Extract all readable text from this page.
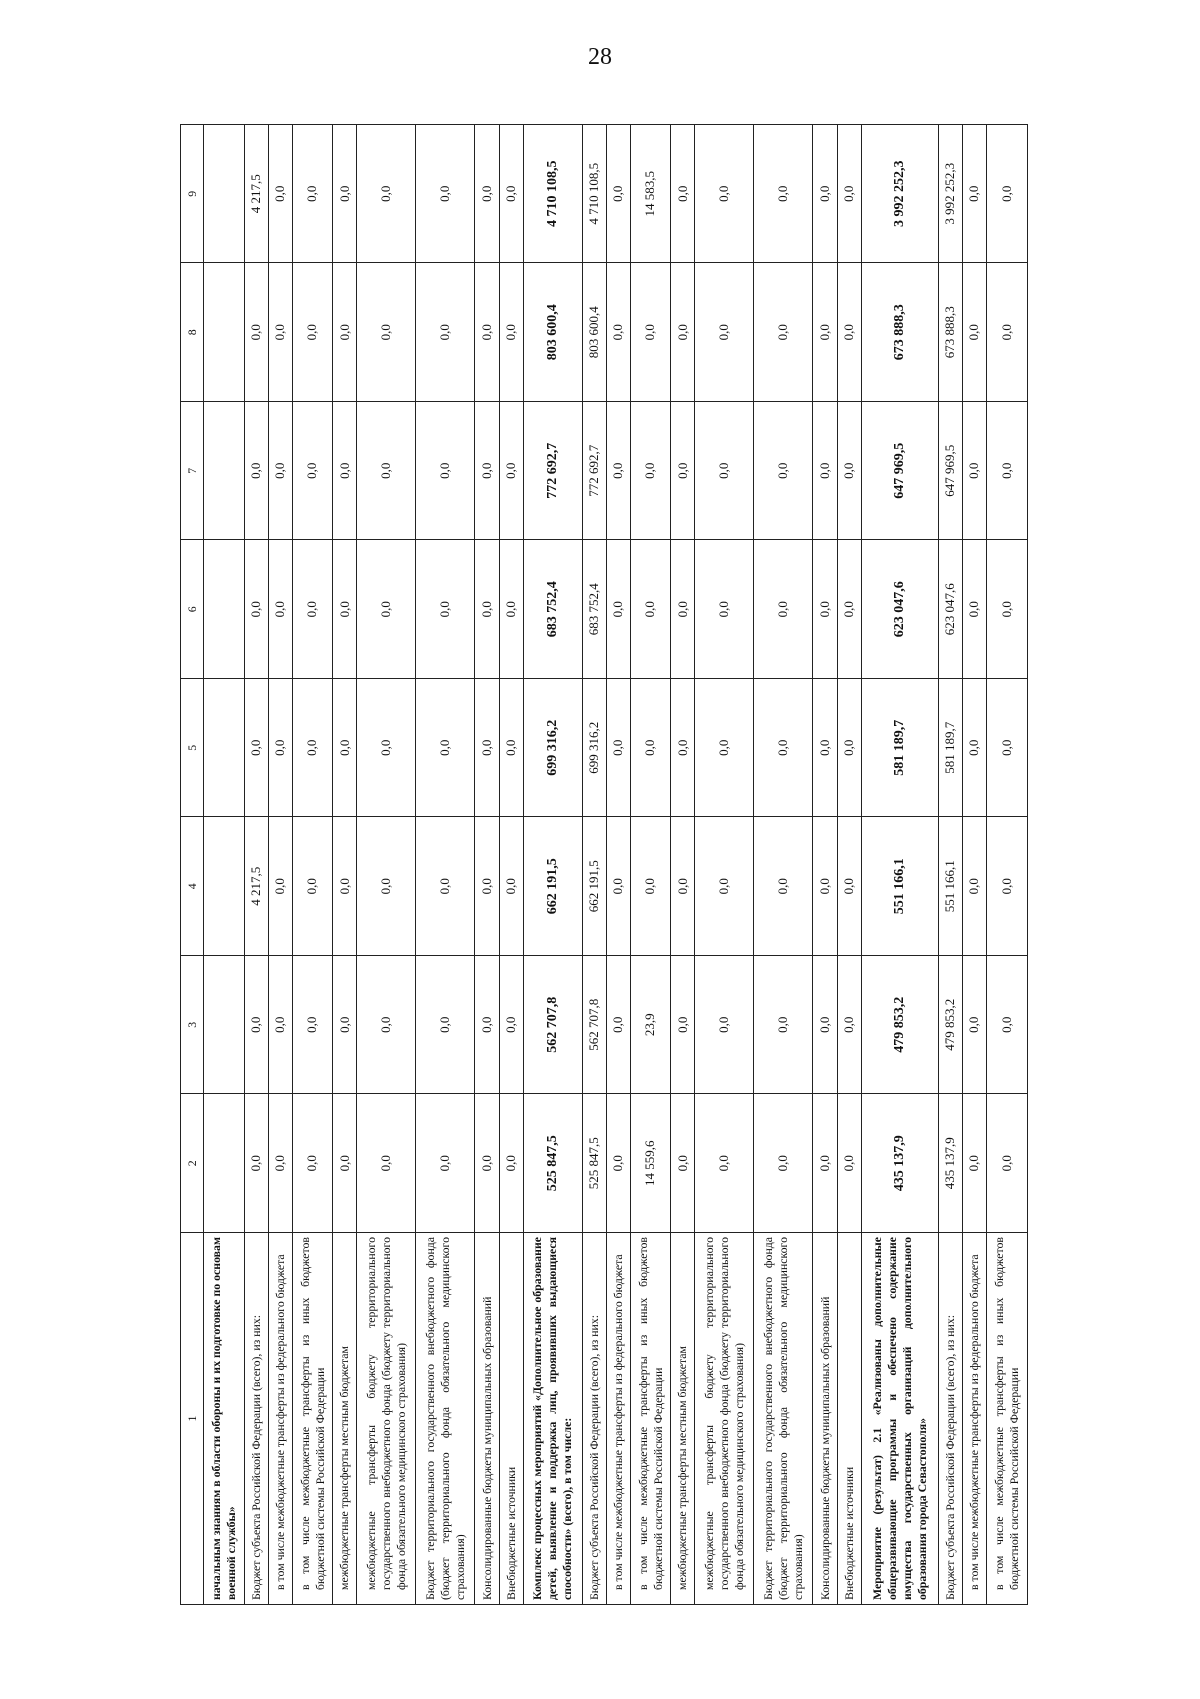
28
1	2	3	4	5	6	7	8	9
начальным знаниям в области обороны и их подготовке по основам военной службы»								
Бюджет субъекта Российской Федерации (всего), из них:	0,0	0,0	4 217,5	0,0	0,0	0,0	0,0	4 217,5
в том числе межбюджетные трансферты из федерального бюджета	0,0	0,0	0,0	0,0	0,0	0,0	0,0	0,0
в том числе межбюджетные трансферты из иных бюджетов бюджетной системы Российской Федерации	0,0	0,0	0,0	0,0	0,0	0,0	0,0	0,0
межбюджетные трансферты местным бюджетам	0,0	0,0	0,0	0,0	0,0	0,0	0,0	0,0
межбюджетные трансферты бюджету территориального государственного внебюджетного фонда (бюджету территориального фонда обязательного медицинского страхования)	0,0	0,0	0,0	0,0	0,0	0,0	0,0	0,0
Бюджет территориального государственного внебюджетного фонда (бюджет территориального фонда обязательного медицинского страхования)	0,0	0,0	0,0	0,0	0,0	0,0	0,0	0,0
Консолидированные бюджеты муниципальных образований	0,0	0,0	0,0	0,0	0,0	0,0	0,0	0,0
Внебюджетные источники	0,0	0,0	0,0	0,0	0,0	0,0	0,0	0,0
Комплекс процессных мероприятий «Дополнительное образование детей, выявление и поддержка лиц, проявивших выдающиеся способности» (всего), в том числе:	525 847,5	562 707,8	662 191,5	699 316,2	683 752,4	772 692,7	803 600,4	4 710 108,5
Бюджет субъекта Российской Федерации (всего), из них:	525 847,5	562 707,8	662 191,5	699 316,2	683 752,4	772 692,7	803 600,4	4 710 108,5
в том числе межбюджетные трансферты из федерального бюджета	0,0	0,0	0,0	0,0	0,0	0,0	0,0	0,0
в том числе межбюджетные трансферты из иных бюджетов бюджетной системы Российской Федерации	14 559,6	23,9	0,0	0,0	0,0	0,0	0,0	14 583,5
межбюджетные трансферты местным бюджетам	0,0	0,0	0,0	0,0	0,0	0,0	0,0	0,0
межбюджетные трансферты бюджету территориального государственного внебюджетного фонда (бюджету территориального фонда обязательного медицинского страхования)	0,0	0,0	0,0	0,0	0,0	0,0	0,0	0,0
Бюджет территориального государственного внебюджетного фонда (бюджет территориального фонда обязательного медицинского страхования)	0,0	0,0	0,0	0,0	0,0	0,0	0,0	0,0
Консолидированные бюджеты муниципальных образований	0,0	0,0	0,0	0,0	0,0	0,0	0,0	0,0
Внебюджетные источники	0,0	0,0	0,0	0,0	0,0	0,0	0,0	0,0
Мероприятие (результат) 2.1 «Реализованы дополнительные общеразвивающие программы и обеспечено содержание имущества государственных организаций дополнительного образования города Севастополя»	435 137,9	479 853,2	551 166,1	581 189,7	623 047,6	647 969,5	673 888,3	3 992 252,3
Бюджет субъекта Российской Федерации (всего), из них:	435 137,9	479 853,2	551 166,1	581 189,7	623 047,6	647 969,5	673 888,3	3 992 252,3
в том числе межбюджетные трансферты из федерального бюджета	0,0	0,0	0,0	0,0	0,0	0,0	0,0	0,0
в том числе межбюджетные трансферты из иных бюджетов бюджетной системы Российской Федерации	0,0	0,0	0,0	0,0	0,0	0,0	0,0	0,0
